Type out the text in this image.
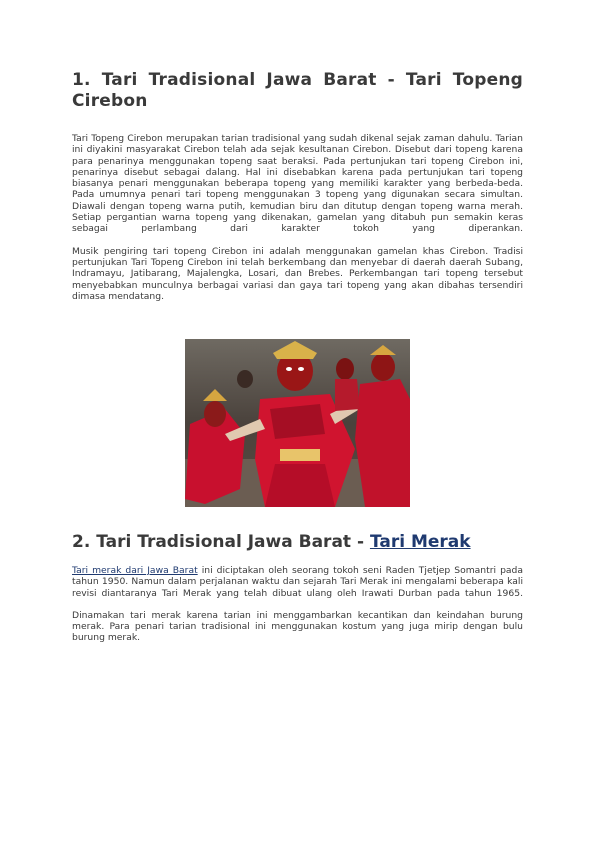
1. Tari Tradisional Jawa Barat - Tari Topeng Cirebon

Tari Topeng Cirebon merupakan tarian tradisional yang sudah dikenal sejak zaman dahulu. Tarian ini diyakini masyarakat Cirebon telah ada sejak kesultanan Cirebon. Disebut dari topeng karena para penarinya menggunakan topeng saat beraksi. Pada pertunjukan tari topeng Cirebon ini, penarinya disebut sebagai dalang. Hal ini disebabkan karena pada pertunjukan tari topeng biasanya penari menggunakan beberapa topeng yang memiliki karakter yang berbeda-beda. Pada umumnya penari tari topeng menggunakan 3 topeng yang digunakan secara simultan. Diawali dengan topeng warna putih, kemudian biru dan ditutup dengan topeng warna merah. Setiap pergantian warna topeng yang dikenakan, gamelan yang ditabuh pun semakin keras sebagai perlambang dari karakter tokoh yang diperankan.

Musik pengiring tari topeng Cirebon ini adalah menggunakan gamelan khas Cirebon. Tradisi pertunjukan Tari Topeng Cirebon ini telah berkembang dan menyebar di daerah daerah Subang, Indramayu, Jatibarang, Majalengka, Losari, dan Brebes. Perkembangan tari topeng tersebut menyebabkan munculnya berbagai variasi dan gaya tari topeng yang akan dibahas tersendiri dimasa mendatang.

2. Tari Tradisional Jawa Barat - Tari Merak

Tari merak dari Jawa Barat ini diciptakan oleh seorang tokoh seni Raden Tjetjep Somantri pada tahun 1950. Namun dalam perjalanan waktu dan sejarah Tari Merak ini mengalami beberapa kali revisi diantaranya Tari Merak yang telah dibuat ulang oleh Irawati Durban pada tahun 1965.

Dinamakan tari merak karena tarian ini menggambarkan kecantikan dan keindahan burung merak. Para penari tarian tradisional ini menggunakan kostum yang juga mirip dengan bulu burung merak.
